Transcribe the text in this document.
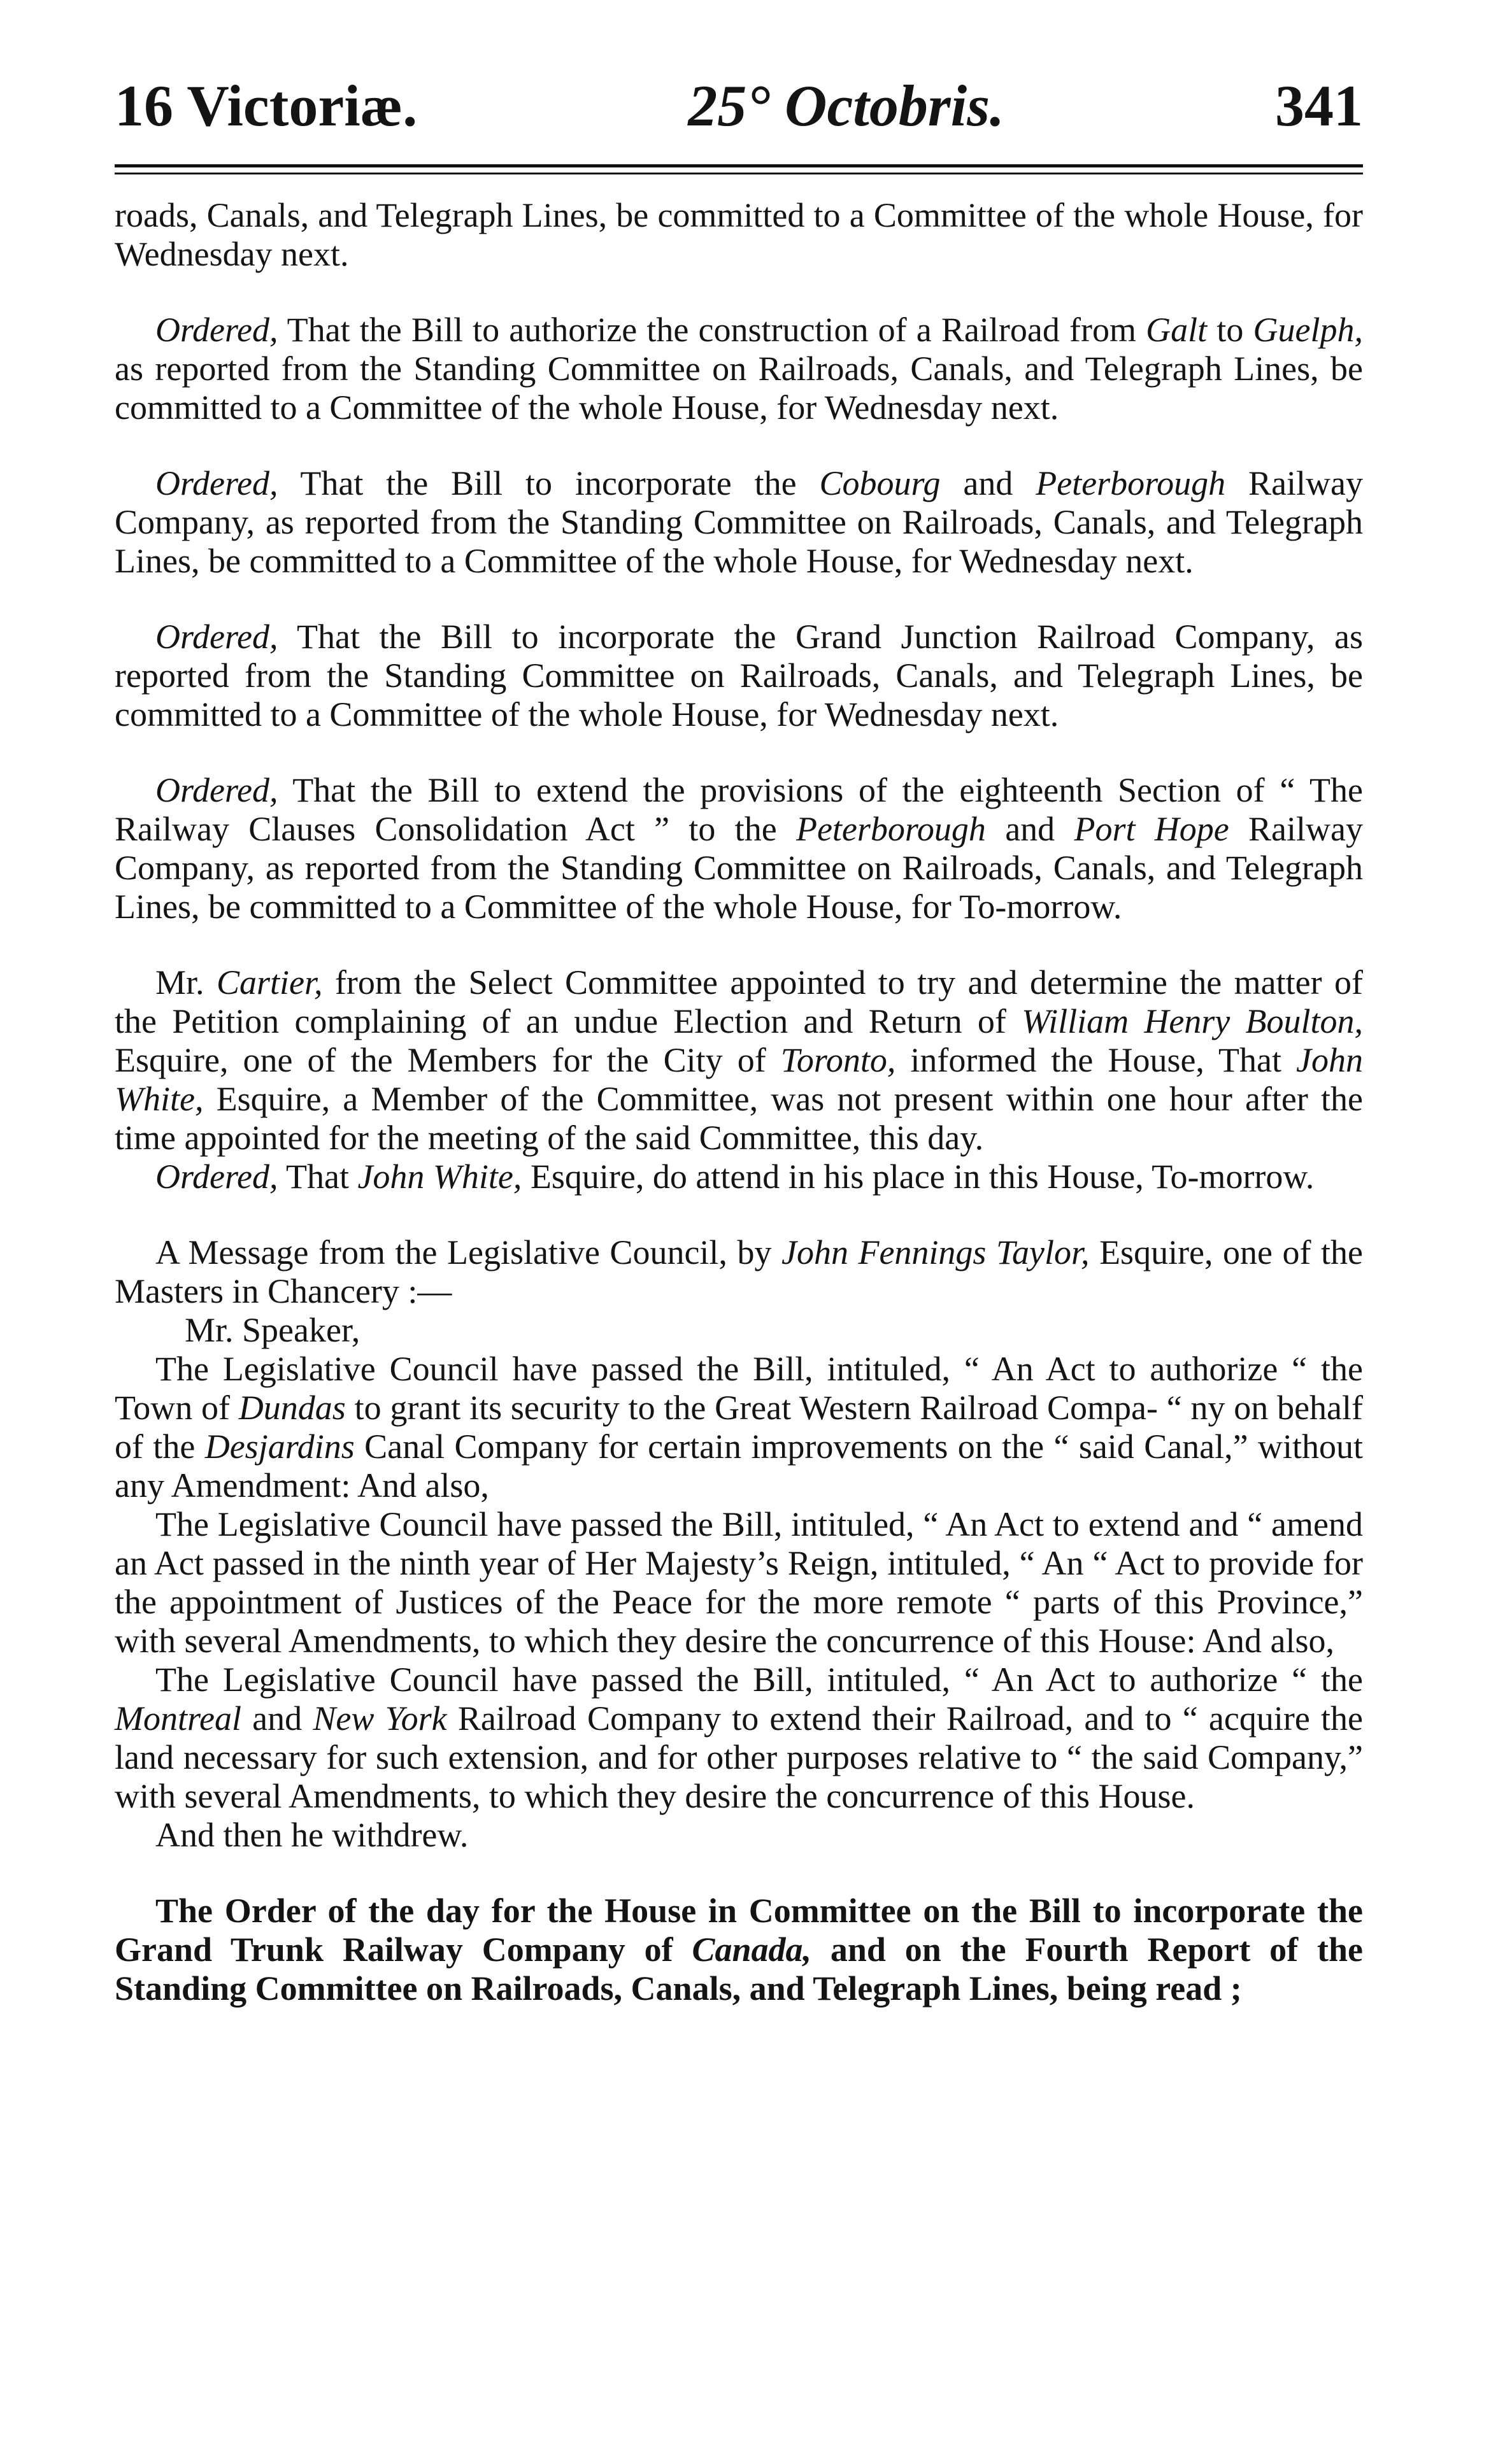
16 Victoriæ.	25° Octobris.	341

roads, Canals, and Telegraph Lines, be committed to a Committee of the whole House, for Wednesday next.

Ordered, That the Bill to authorize the construction of a Railroad from Galt to Guelph, as reported from the Standing Committee on Railroads, Canals, and Telegraph Lines, be committed to a Committee of the whole House, for Wednesday next.

Ordered, That the Bill to incorporate the Cobourg and Peterborough Railway Company, as reported from the Standing Committee on Railroads, Canals, and Telegraph Lines, be committed to a Committee of the whole House, for Wednesday next.

Ordered, That the Bill to incorporate the Grand Junction Railroad Company, as reported from the Standing Committee on Railroads, Canals, and Telegraph Lines, be committed to a Committee of the whole House, for Wednesday next.

Ordered, That the Bill to extend the provisions of the eighteenth Section of “ The Railway Clauses Consolidation Act ” to the Peterborough and Port Hope Railway Company, as reported from the Standing Committee on Railroads, Canals, and Telegraph Lines, be committed to a Committee of the whole House, for To-morrow.

Mr. Cartier, from the Select Committee appointed to try and determine the matter of the Petition complaining of an undue Election and Return of William Henry Boulton, Esquire, one of the Members for the City of Toronto, informed the House, That John White, Esquire, a Member of the Committee, was not present within one hour after the time appointed for the meeting of the said Committee, this day.

Ordered, That John White, Esquire, do attend in his place in this House, To-morrow.

A Message from the Legislative Council, by John Fennings Taylor, Esquire, one of the Masters in Chancery :—

Mr. Speaker,

The Legislative Council have passed the Bill, intituled, “ An Act to authorize “ the Town of Dundas to grant its security to the Great Western Railroad Compa- “ ny on behalf of the Desjardins Canal Company for certain improvements on the “ said Canal,” without any Amendment: And also,

The Legislative Council have passed the Bill, intituled, “ An Act to extend and “ amend an Act passed in the ninth year of Her Majesty’s Reign, intituled, “ An “ Act to provide for the appointment of Justices of the Peace for the more remote “ parts of this Province,” with several Amendments, to which they desire the concurrence of this House: And also,

The Legislative Council have passed the Bill, intituled, “ An Act to authorize “ the Montreal and New York Railroad Company to extend their Railroad, and to “ acquire the land necessary for such extension, and for other purposes relative to “ the said Company,” with several Amendments, to which they desire the concurrence of this House.

And then he withdrew.

The Order of the day for the House in Committee on the Bill to incorporate the Grand Trunk Railway Company of Canada, and on the Fourth Report of the Standing Committee on Railroads, Canals, and Telegraph Lines, being read ;
